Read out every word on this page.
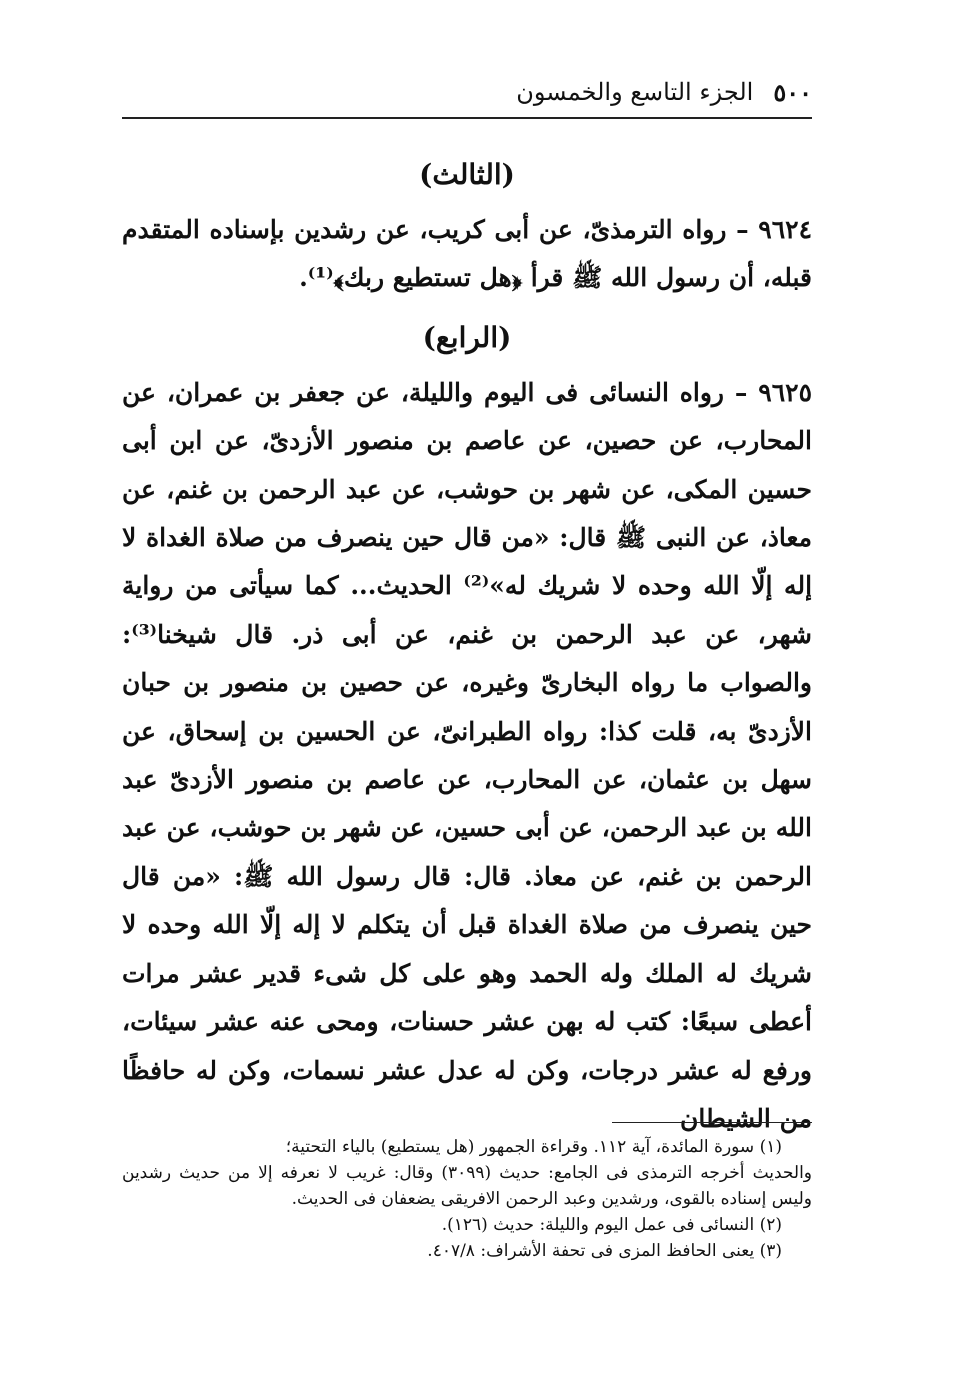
٥٠٠
الجزء التاسع والخمسون

(الثالث)

٩٦٢٤ – رواه الترمذىّ، عن أبى كريب، عن رشدين بإسناده المتقدم قبله، أن رسول الله ﷺ قرأ ﴿هل تستطيع ربك﴾⁽¹⁾.

(الرابع)

٩٦٢٥ – رواه النسائى فى اليوم والليلة، عن جعفر بن عمران، عن المحارب، عن حصين، عن عاصم بن منصور الأزدىّ، عن ابن أبى حسين المكى، عن شهر بن حوشب، عن عبد الرحمن بن غنم، عن معاذ، عن النبى ﷺ قال: «من قال حين ينصرف من صلاة الغداة لا إله إلّا الله وحده لا شريك له»⁽²⁾ الحديث... كما سيأتى من رواية شهر، عن عبد الرحمن بن غنم، عن أبى ذر. قال شيخنا⁽³⁾: والصواب ما رواه البخارىّ وغيره، عن حصين بن منصور بن حبان الأزدىّ به، قلت كذا: رواه الطبرانىّ، عن الحسين بن إسحاق، عن سهل بن عثمان، عن المحارب، عن عاصم بن منصور الأزدىّ عبد الله بن عبد الرحمن، عن أبى حسين، عن شهر بن حوشب، عن عبد الرحمن بن غنم، عن معاذ. قال: قال رسول الله ﷺ: «من قال حين ينصرف من صلاة الغداة قبل أن يتكلم لا إله إلّا الله وحده لا شريك له الملك وله الحمد وهو على كل شىء قدير عشر مرات أعطى سبعًا: كتب له بهن عشر حسنات، ومحى عنه عشر سيئات، ورفع له عشر درجات، وكن له عدل عشر نسمات، وكن له حافظًا من الشيطان

(١) سورة المائدة، آية ١١٢. وقراءة الجمهور (هل يستطيع) بالياء التحتية؛

والحديث أخرجه الترمذى فى الجامع: حديث (٣٠٩٩) وقال: غريب لا نعرفه إلا من حديث رشدين وليس إسناده بالقوى، ورشدين وعبد الرحمن الافريقى يضعفان فى الحديث.

(٢) النسائى فى عمل اليوم والليلة: حديث (١٢٦).

(٣) يعنى الحافظ المزى فى تحفة الأشراف: ٤٠٧/٨.
